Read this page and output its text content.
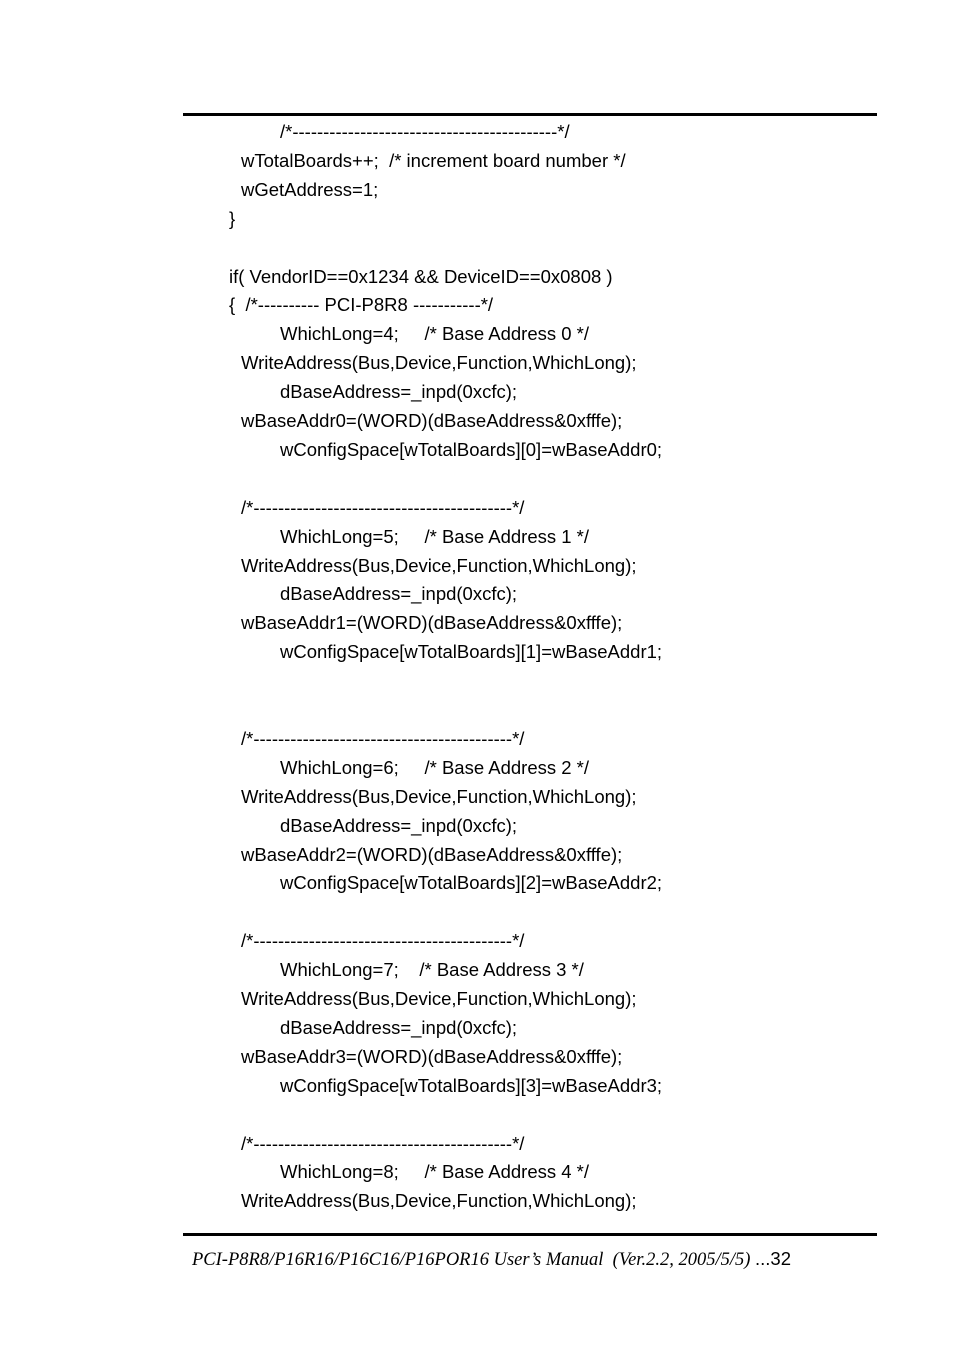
/*-------------------------------------------*/
wTotalBoards++;  /* increment board number */
wGetAddress=1;
}
if( VendorID==0x1234 && DeviceID==0x0808 )
{  /*---------- PCI-P8R8 -----------*/
WhichLong=4;     /* Base Address 0 */
WriteAddress(Bus,Device,Function,WhichLong);
dBaseAddress=_inpd(0xcfc);
wBaseAddr0=(WORD)(dBaseAddress&0xfffe);
wConfigSpace[wTotalBoards][0]=wBaseAddr0;
/*------------------------------------------*/
WhichLong=5;     /* Base Address 1 */
WriteAddress(Bus,Device,Function,WhichLong);
dBaseAddress=_inpd(0xcfc);
wBaseAddr1=(WORD)(dBaseAddress&0xfffe);
wConfigSpace[wTotalBoards][1]=wBaseAddr1;
/*------------------------------------------*/
WhichLong=6;     /* Base Address 2 */
WriteAddress(Bus,Device,Function,WhichLong);
dBaseAddress=_inpd(0xcfc);
wBaseAddr2=(WORD)(dBaseAddress&0xfffe);
wConfigSpace[wTotalBoards][2]=wBaseAddr2;
/*------------------------------------------*/
WhichLong=7;    /* Base Address 3 */
WriteAddress(Bus,Device,Function,WhichLong);
dBaseAddress=_inpd(0xcfc);
wBaseAddr3=(WORD)(dBaseAddress&0xfffe);
wConfigSpace[wTotalBoards][3]=wBaseAddr3;
/*------------------------------------------*/
WhichLong=8;     /* Base Address 4 */
WriteAddress(Bus,Device,Function,WhichLong);
PCI-P8R8/P16R16/P16C16/P16POR16 User’s Manual  (Ver.2.2, 2005/5/5) ...32
